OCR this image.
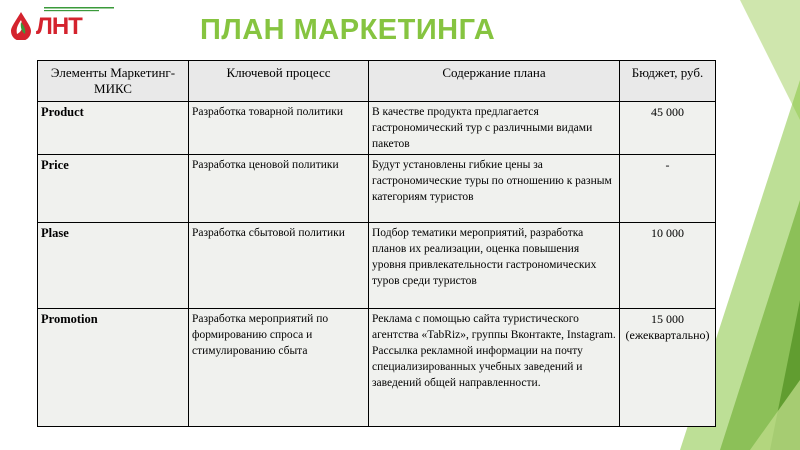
ЛНТ	ПЛАН МАРКЕТИНГА
Элементы Маркетинг-МИКС	Ключевой процесс	Содержание плана	Бюджет, руб.
Product	Разработка товарной политики	В качестве продукта предлагается гастрономический тур с различными видами пакетов	45 000
Price	Разработка ценовой политики	Будут установлены гибкие цены за гастрономические туры по отношению к разным категориям туристов	-
Plase	Разработка сбытовой политики	Подбор тематики мероприятий, разработка планов их реализации, оценка повышения уровня привлекательности гастрономических туров среди туристов	10 000
Promotion	Разработка мероприятий по формированию спроса и стимулированию сбыта	Реклама с помощью сайта туристического агентства «TabRiz», группы Вконтакте, Instagram. Рассылка рекламной информации на почту специализированных учебных заведений и заведений общей направленности.	15 000 (ежеквартально)
